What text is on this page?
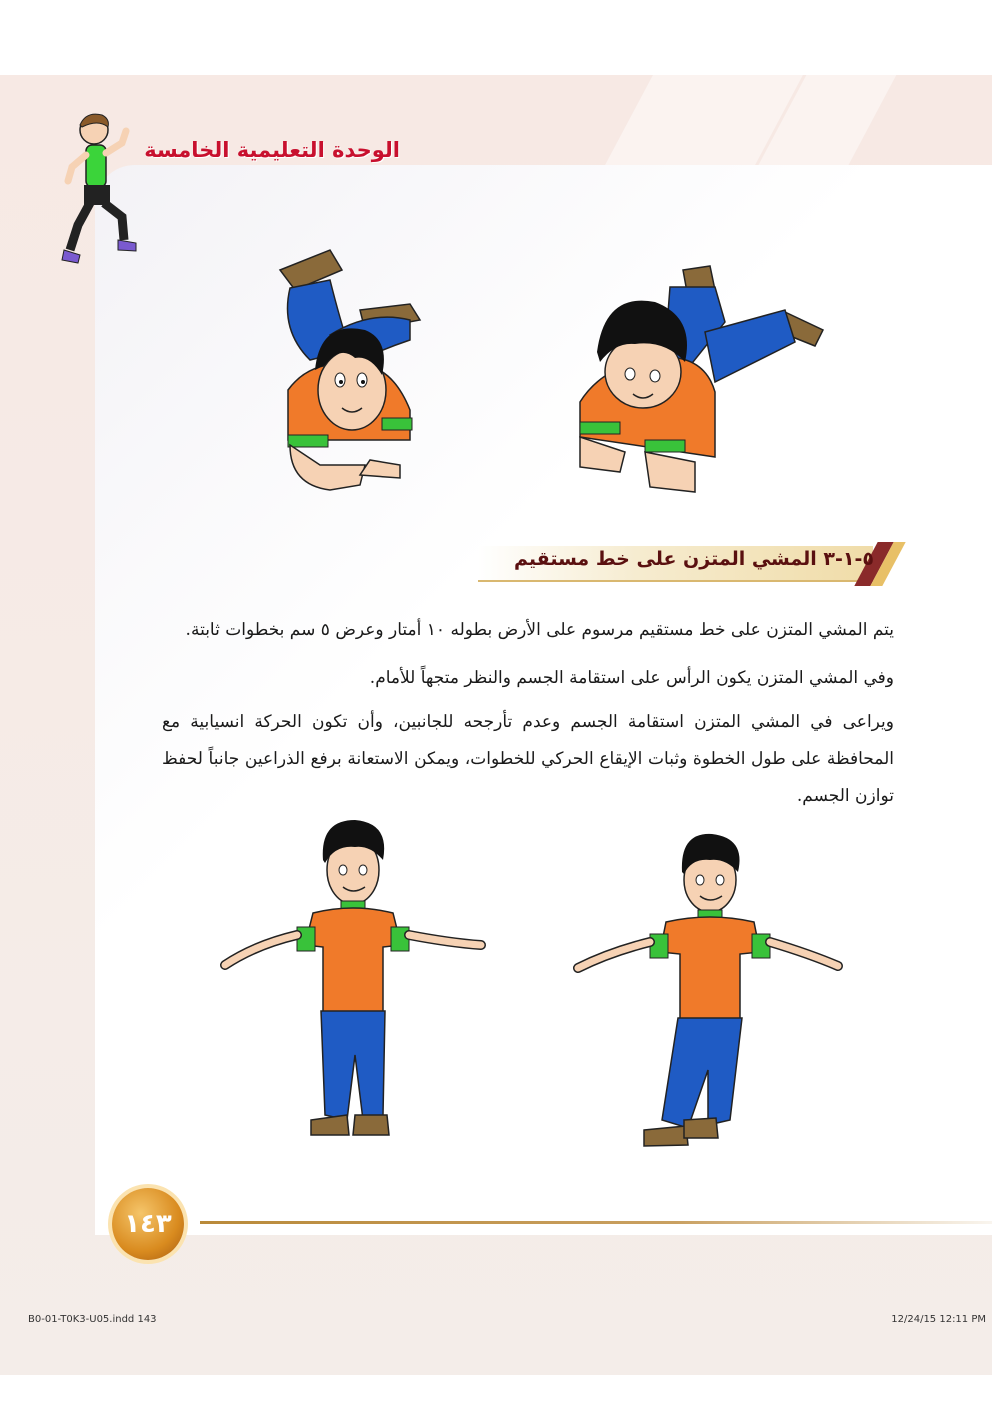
الوحدة التعليمية الخامسة
٥-١-٣ المشي المتزن على خط مستقيم
يتم المشي المتزن على خط مستقيم مرسوم على الأرض بطوله ١٠ أمتار وعرض ٥ سم بخطوات ثابتة.
وفي المشي المتزن يكون الرأس على استقامة الجسم والنظر متجهاً للأمام.
ويراعى في المشي المتزن استقامة الجسم وعدم تأرجحه للجانبين، وأن تكون الحركة انسيابية مع المحافظة على طول الخطوة وثبات الإيقاع الحركي للخطوات، ويمكن الاستعانة برفع الذراعين جانباً لحفظ توازن الجسم.
١٤٣
B0-01-T0K3-U05.indd 143	12/24/15 12:11 PM
